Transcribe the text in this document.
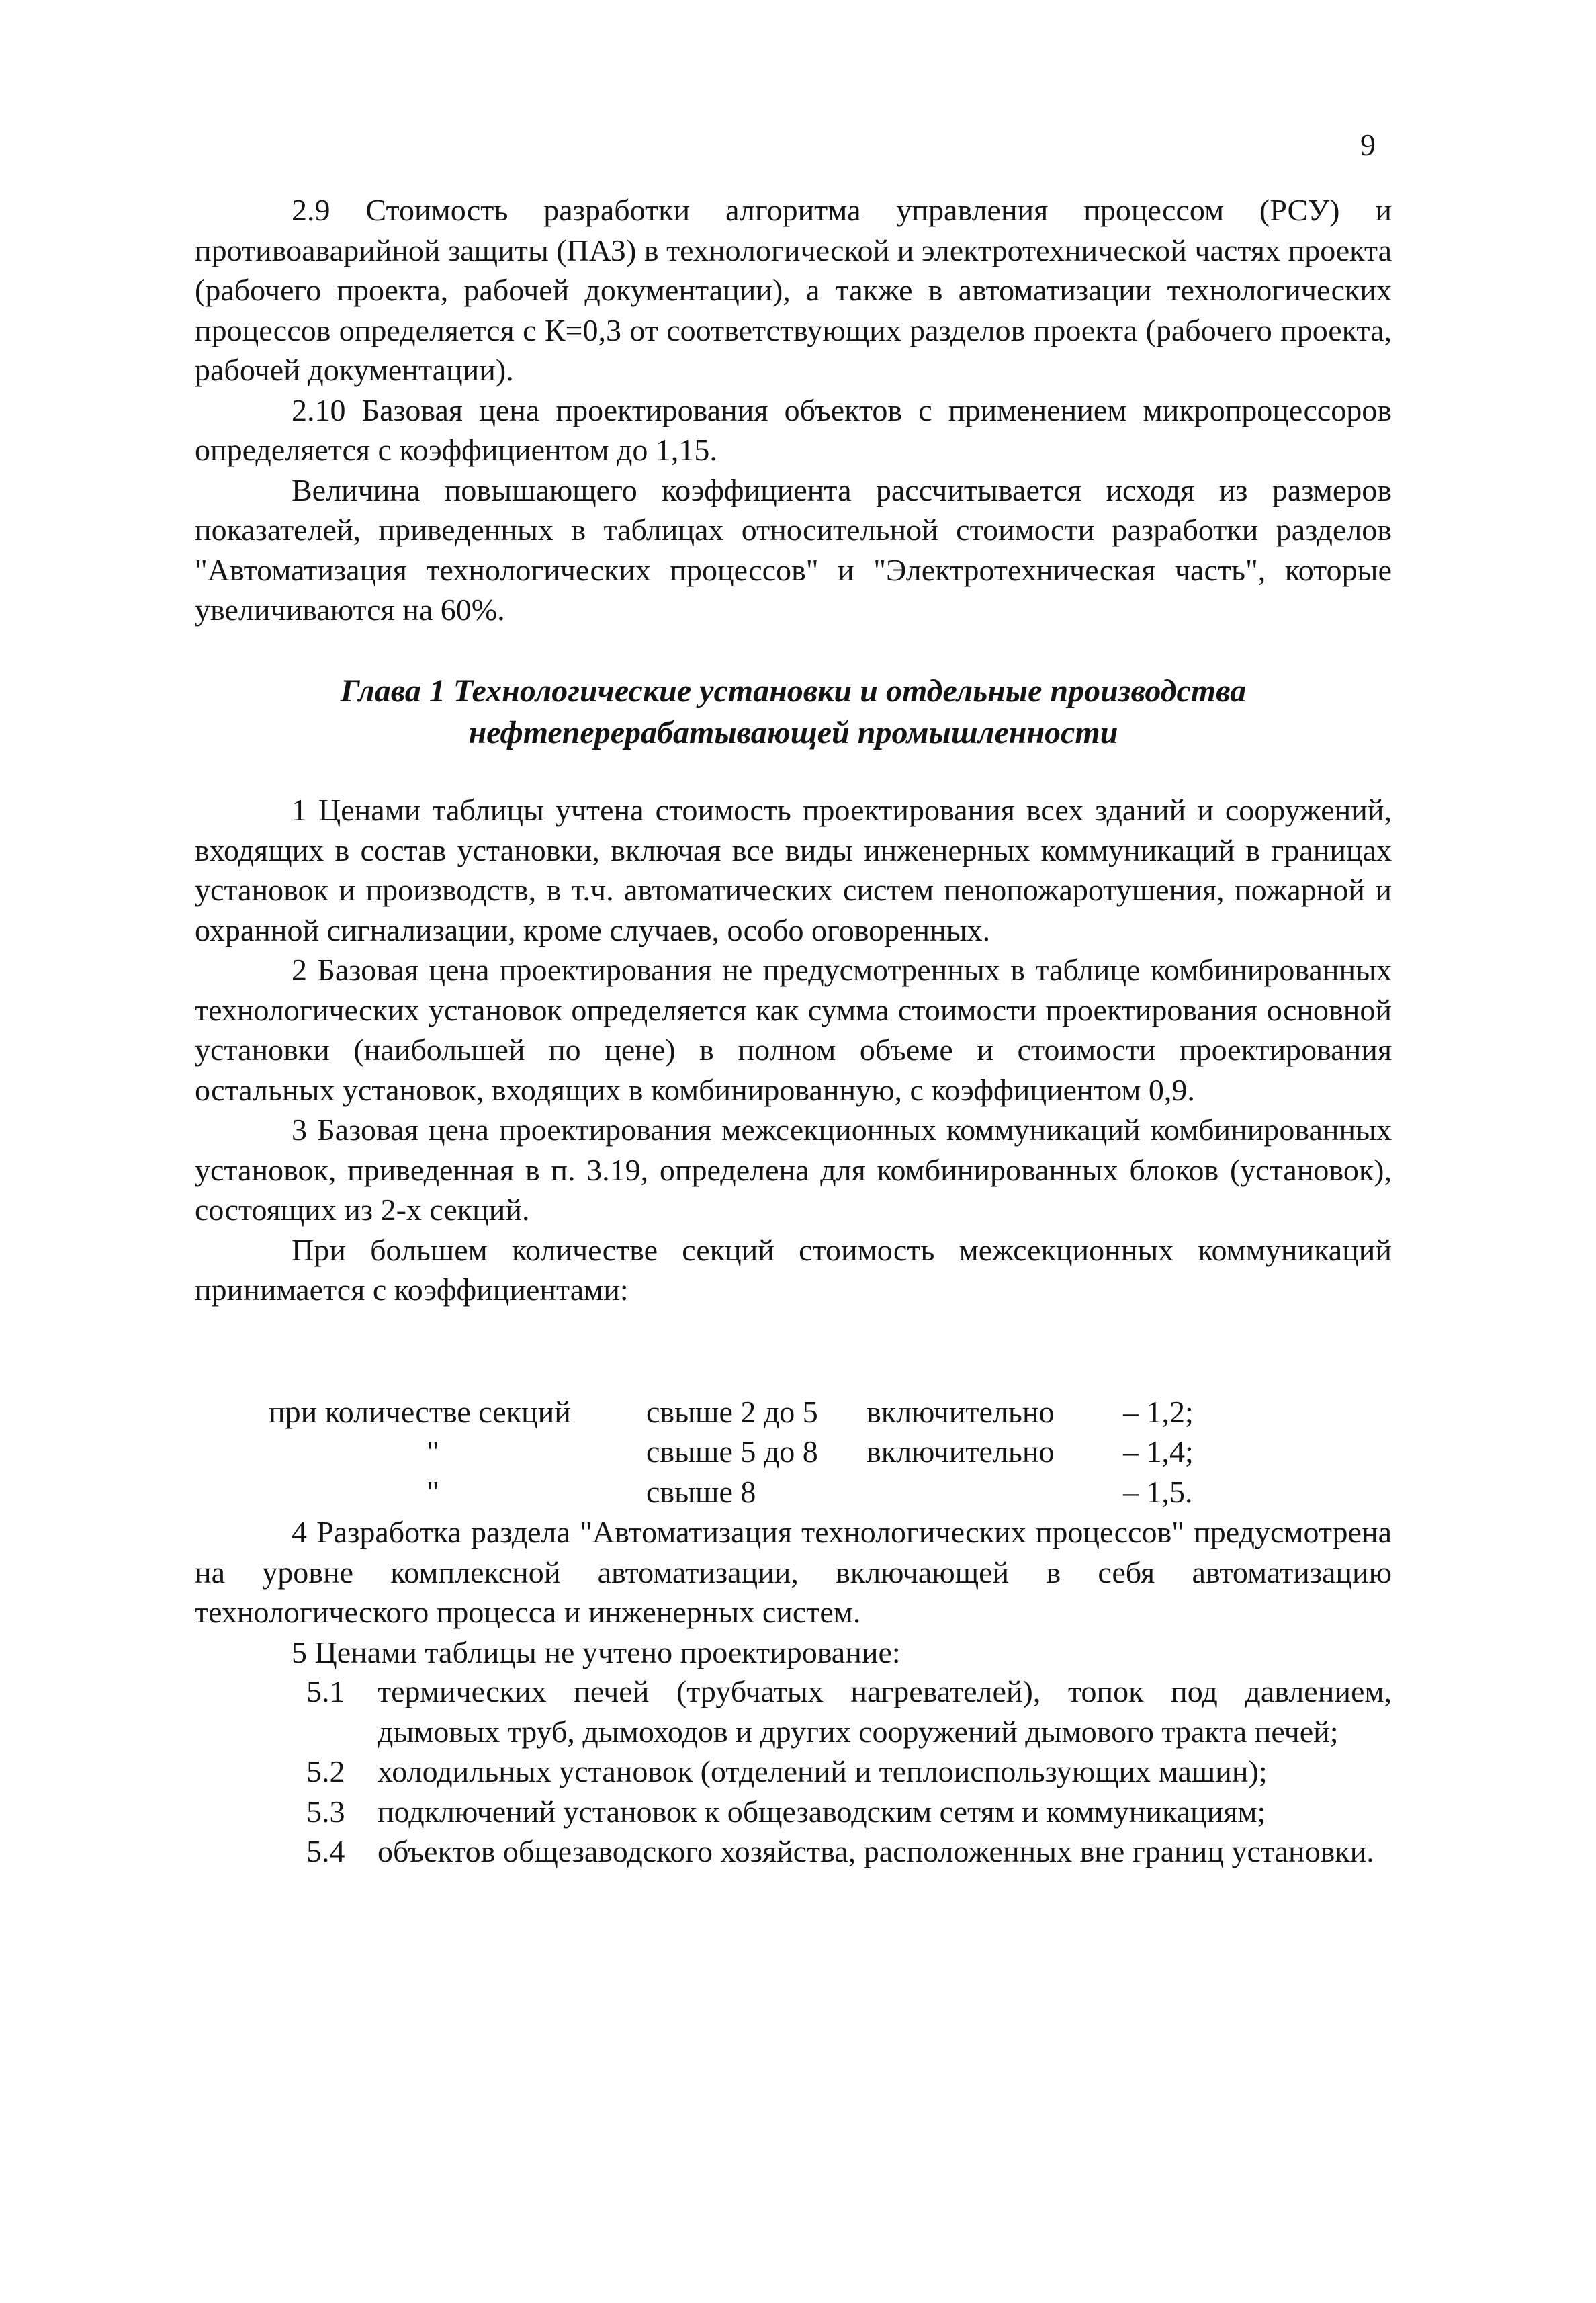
9

2.9 Стоимость разработки алгоритма управления процессом (РСУ) и противоаварийной защиты (ПАЗ) в технологической и электротехнической частях проекта (рабочего проекта, рабочей документации), а также в автоматизации технологических процессов определяется с К=0,3 от соответствующих разделов проекта (рабочего проекта, рабочей документации).

2.10 Базовая цена проектирования объектов с применением микропроцессоров определяется с коэффициентом до 1,15.

Величина повышающего коэффициента рассчитывается исходя из размеров показателей, приведенных в таблицах относительной стоимости разработки разделов "Автоматизация технологических процессов" и "Электротехническая часть", которые увеличиваются на 60%.

Глава 1 Технологические установки и отдельные производства
нефтеперерабатывающей промышленности

1 Ценами таблицы учтена стоимость проектирования всех зданий и сооружений, входящих в состав установки, включая все виды инженерных коммуникаций в границах установок и производств, в т.ч. автоматических систем пенопожаротушения, пожарной и охранной сигнализации, кроме случаев, особо оговоренных.

2 Базовая цена проектирования не предусмотренных в таблице комбинированных технологических установок определяется как сумма стоимости проектирования основной установки (наибольшей по цене) в полном объеме и стоимости проектирования остальных установок, входящих в комбинированную, с коэффициентом 0,9.

3 Базовая цена проектирования межсекционных коммуникаций комбинированных установок, приведенная в п. 3.19, определена для комбинированных блоков (установок), состоящих из 2-х секций.

При большем количестве секций стоимость межсекционных коммуникаций принимается с коэффициентами:

при количестве секций свыше 2 до 5 включительно – 1,2;
"	свыше 5 до 8 включительно – 1,4;
"	свыше 8	– 1,5.

4 Разработка раздела "Автоматизация технологических процессов" предусмотрена на уровне комплексной автоматизации, включающей в себя автоматизацию технологического процесса и инженерных систем.

5 Ценами таблицы не учтено проектирование:

5.1 термических печей (трубчатых нагревателей), топок под давлением, дымовых труб, дымоходов и других сооружений дымового тракта печей;
5.2 холодильных установок (отделений и теплоиспользующих машин);
5.3 подключений установок к общезаводским сетям и коммуникациям;
5.4 объектов общезаводского хозяйства, расположенных вне границ установки.
